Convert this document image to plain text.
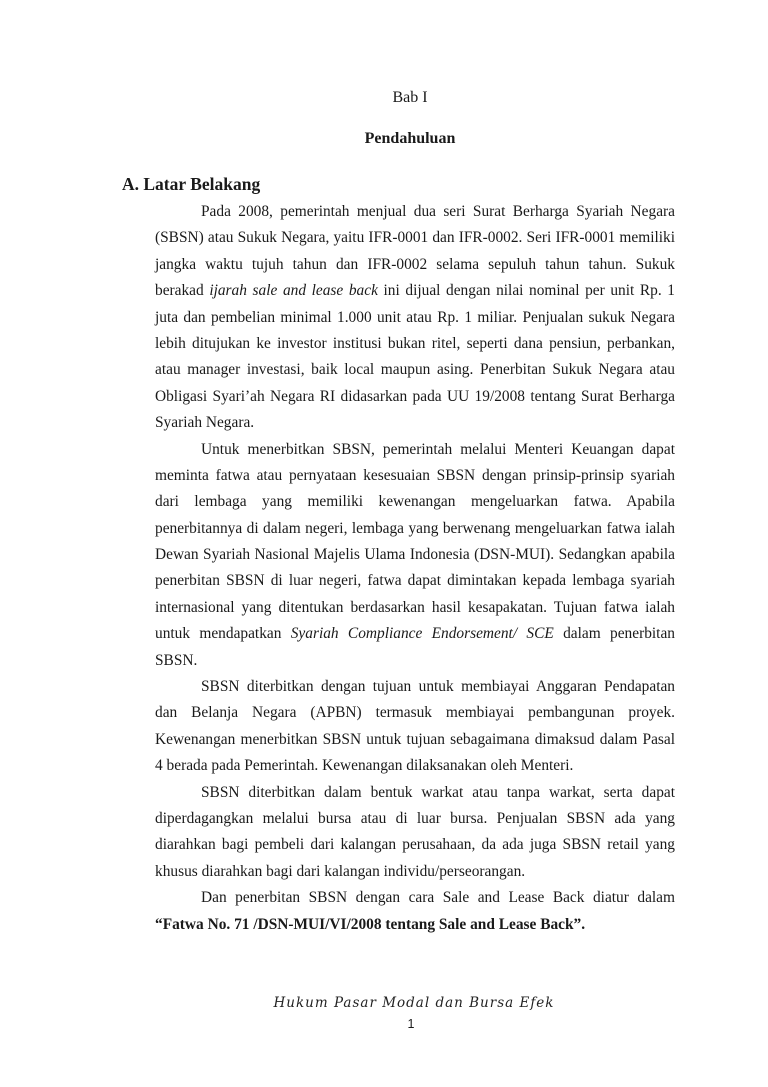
Bab I
Pendahuluan
A. Latar Belakang
Pada 2008, pemerintah menjual dua seri Surat Berharga Syariah Negara
(SBSN) atau Sukuk Negara, yaitu IFR-0001 dan IFR-0002. Seri IFR-0001 memiliki
jangka waktu tujuh tahun dan IFR-0002 selama sepuluh tahun tahun. Sukuk
berakad ijarah sale and lease back ini dijual dengan nilai nominal per unit Rp. 1
juta dan pembelian minimal 1.000 unit atau Rp. 1 miliar. Penjualan sukuk Negara
lebih ditujukan ke investor institusi bukan ritel, seperti dana pensiun, perbankan,
atau manager investasi, baik local maupun asing. Penerbitan Sukuk Negara atau
Obligasi Syari’ah Negara RI didasarkan pada UU 19/2008 tentang Surat Berharga
Syariah Negara.
Untuk menerbitkan SBSN, pemerintah melalui Menteri Keuangan dapat
meminta fatwa atau pernyataan kesesuaian SBSN dengan prinsip-prinsip syariah
dari lembaga yang memiliki kewenangan mengeluarkan fatwa. Apabila
penerbitannya di dalam negeri, lembaga yang berwenang mengeluarkan fatwa ialah
Dewan Syariah Nasional Majelis Ulama Indonesia (DSN-MUI). Sedangkan apabila
penerbitan SBSN di luar negeri, fatwa dapat dimintakan kepada lembaga syariah
internasional yang ditentukan berdasarkan hasil kesapakatan. Tujuan fatwa ialah
untuk mendapatkan Syariah Compliance Endorsement/ SCE dalam penerbitan
SBSN.
SBSN diterbitkan dengan tujuan untuk membiayai Anggaran Pendapatan
dan Belanja Negara (APBN) termasuk membiayai pembangunan proyek.
Kewenangan menerbitkan SBSN untuk tujuan sebagaimana dimaksud dalam Pasal
4 berada pada Pemerintah. Kewenangan dilaksanakan oleh Menteri.
SBSN diterbitkan dalam bentuk warkat atau tanpa warkat, serta dapat
diperdagangkan melalui bursa atau di luar bursa. Penjualan SBSN ada yang
diarahkan bagi pembeli dari kalangan perusahaan, da ada juga SBSN retail yang
khusus diarahkan bagi dari kalangan individu/perseorangan.
Dan penerbitan SBSN dengan cara Sale and Lease Back diatur dalam
“Fatwa No. 71 /DSN-MUI/VI/2008 tentang Sale and Lease Back”.
Hukum Pasar Modal dan Bursa Efek
1
